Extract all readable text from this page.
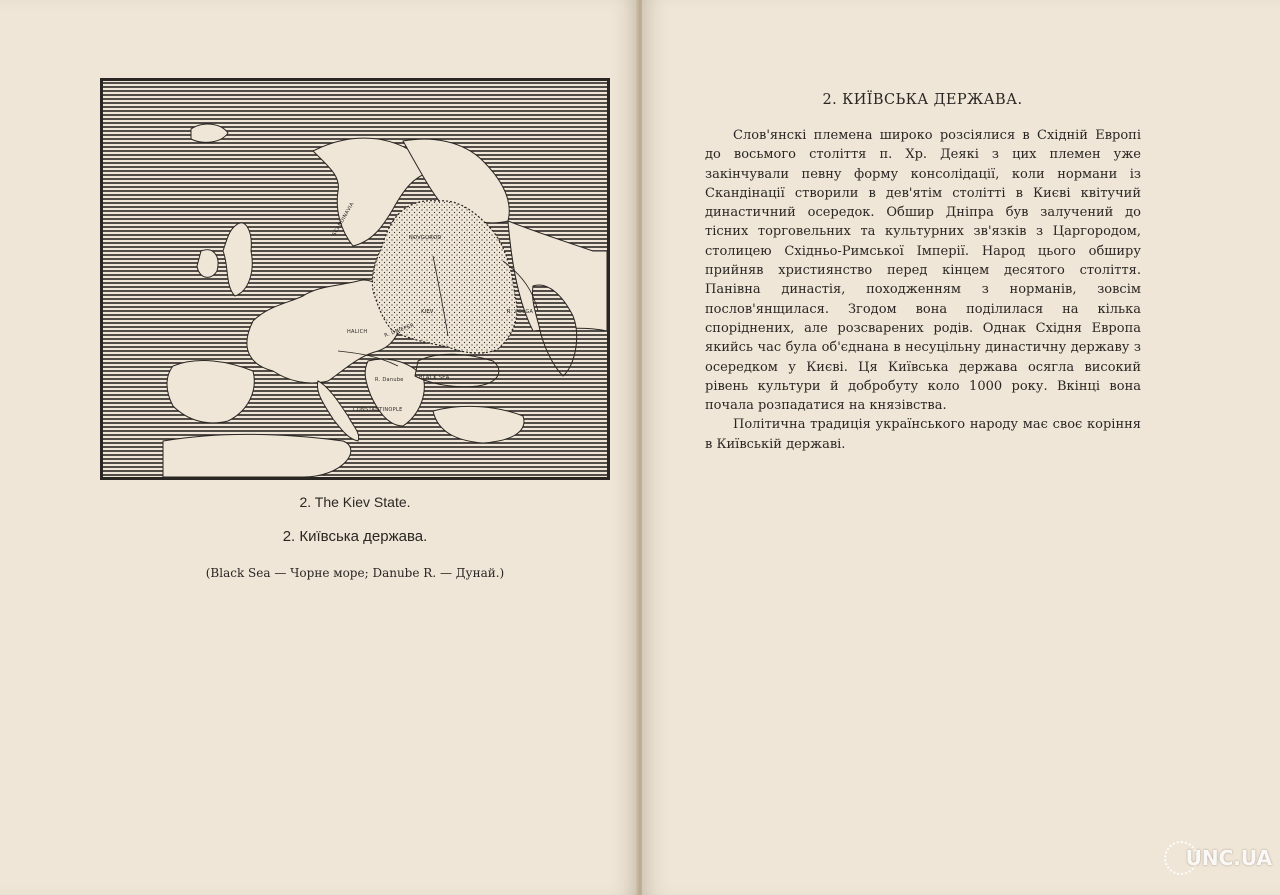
NOVGOROD
KIEV
HALICH	R. DNIEPER
R. Danube	BLACK SEA
CONSTANTINOPLE
R. VOLGA
SCANDINAVIA
2. The Kiev State.
2. Київська держава.
(Black Sea — Чорне море; Danube R. — Дунай.)
2. КИЇВСЬКА ДЕРЖАВА.

Слов'янскі племена широко розсіялися в Східній Европі до восьмого століття п. Хр. Деякі з цих племен уже закінчували певну форму консолідації, коли нормани із Скандінації створили в дев'ятім столітті в Києві квітучий династичний осередок. Обшир Дніпра був залучений до тісних торговельних та культурних зв'язків з Царгородом, столицею Східньо-Римської Імперії. Народ цього обширу прийняв християнство перед кінцем десятого століття. Панівна династія, походженням з норманів, зовсім послов'янщилася. Згодом вона поділилася на кілька споріднених, але розсварених родів. Однак Східня Европа якийсь час була об'єднана в несуцільну династичну державу з осередком у Києві. Ця Київська держава осягла високий рівень культури й добробуту коло 1000 року. Вкінці вона почала розпадатися на князівства.

Політична традиція українського народу має своє коріння в Київській державі.

UNC.UA
